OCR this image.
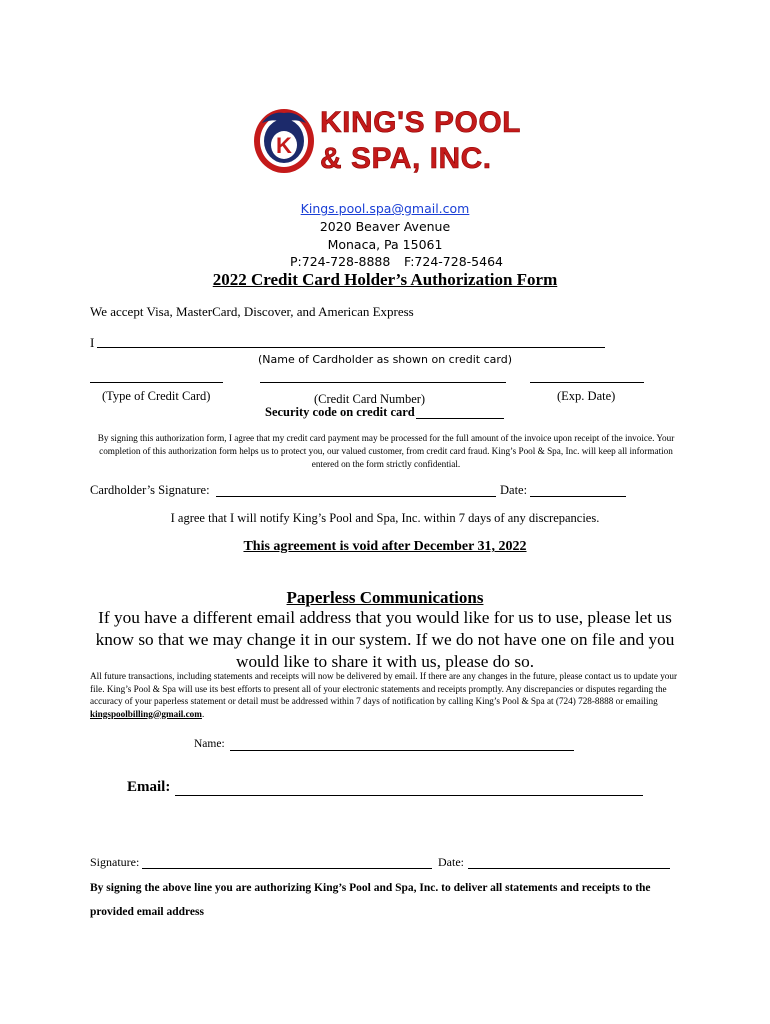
K
KING'S POOL
& SPA, INC.
Kings.pool.spa@gmail.com
2020 Beaver Avenue
Monaca, Pa 15061
P:724-728-8888 F:724-728-5464
2022 Credit Card Holder’s Authorization Form
We accept Visa, MasterCard, Discover, and American Express
I
(Name of Cardholder as shown on credit card)
(Type of Credit Card)	(Credit Card Number)	(Exp. Date)
Security code on credit card
By signing this authorization form, I agree that my credit card payment may be processed for the full amount of the invoice upon receipt of the invoice. Your completion of this authorization form helps us to protect you, our valued customer, from credit card fraud. King’s Pool & Spa, Inc. will keep all information entered on the form strictly confidential.
Cardholder’s Signature:	Date:
I agree that I will notify King’s Pool and Spa, Inc. within 7 days of any discrepancies.
This agreement is void after December 31, 2022
Paperless Communications
If you have a different email address that you would like for us to use, please let us know so that we may change it in our system. If we do not have one on file and you would like to share it with us, please do so.
All future transactions, including statements and receipts will now be delivered by email. If there are any changes in the future, please contact us to update your file. King’s Pool & Spa will use its best efforts to present all of your electronic statements and receipts promptly. Any discrepancies or disputes regarding the accuracy of your paperless statement or detail must be addressed within 7 days of notification by calling King’s Pool & Spa at (724) 728-8888 or emailing kingspoolbilling@gmail.com.
Name:
Email:
Signature:	Date:
By signing the above line you are authorizing King’s Pool and Spa, Inc. to deliver all statements and receipts to the provided email address
